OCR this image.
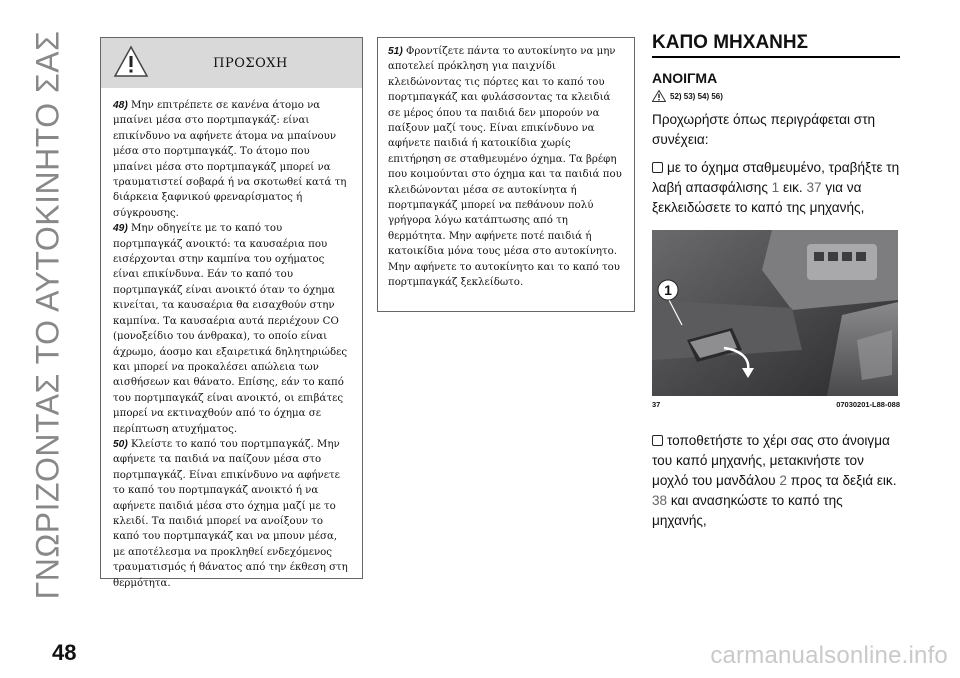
ΓΝΩΡΙΖΟΝΤΑΣ ΤΟ ΑΥΤΟΚΙΝΗΤΟ ΣΑΣ	ΠΡΟΣΟΧΗ

48) Μην επιτρέπετε σε κανένα άτομο να μπαίνει μέσα στο πορτμπαγκάζ: είναι επικίνδυνο να αφήνετε άτομα να μπαίνουν μέσα στο πορτμπαγκάζ. Το άτομο που μπαίνει μέσα στο πορτμπαγκάζ μπορεί να τραυματιστεί σοβαρά ή να σκοτωθεί κατά τη διάρκεια ξαφνικού φρεναρίσματος ή σύγκρουσης.

49) Μην οδηγείτε με το καπό του πορτμπαγκάζ ανοικτό: τα καυσαέρια που εισέρχονται στην καμπίνα του οχήματος είναι επικίνδυνα. Εάν το καπό του πορτμπαγκάζ είναι ανοικτό όταν το όχημα κινείται, τα καυσαέρια θα εισαχθούν στην καμπίνα. Τα καυσαέρια αυτά περιέχουν CO (μονοξείδιο του άνθρακα), το οποίο είναι άχρωμο, άοσμο και εξαιρετικά δηλητηριώδες και μπορεί να προκαλέσει απώλεια των αισθήσεων και θάνατο. Επίσης, εάν το καπό του πορτμπαγκάζ είναι ανοικτό, οι επιβάτες μπορεί να εκτιναχθούν από το όχημα σε περίπτωση ατυχήματος.

50) Κλείστε το καπό του πορτμπαγκάζ. Μην αφήνετε τα παιδιά να παίζουν μέσα στο πορτμπαγκάζ. Είναι επικίνδυνο να αφήνετε το καπό του πορτμπαγκάζ ανοικτό ή να αφήνετε παιδιά μέσα στο όχημα μαζί με το κλειδί. Τα παιδιά μπορεί να ανοίξουν το καπό του πορτμπαγκάζ και να μπουν μέσα, με αποτέλεσμα να προκληθεί ενδεχόμενος τραυματισμός ή θάνατος από την έκθεση στη θερμότητα.

51) Φροντίζετε πάντα το αυτοκίνητο να μην αποτελεί πρόκληση για παιχνίδι κλειδώνοντας τις πόρτες και το καπό του πορτμπαγκάζ και φυλάσσοντας τα κλειδιά σε μέρος όπου τα παιδιά δεν μπορούν να παίξουν μαζί τους. Είναι επικίνδυνο να αφήνετε παιδιά ή κατοικίδια χωρίς επιτήρηση σε σταθμευμένο όχημα. Τα βρέφη που κοιμούνται στο όχημα και τα παιδιά που κλειδώνονται μέσα σε αυτοκίνητα ή πορτμπαγκάζ μπορεί να πεθάνουν πολύ γρήγορα λόγω κατάπτωσης από τη θερμότητα. Μην αφήνετε ποτέ παιδιά ή κατοικίδια μόνα τους μέσα στο αυτοκίνητο. Μην αφήνετε το αυτοκίνητο και το καπό του πορτμπαγκάζ ξεκλείδωτο.

ΚΑΠΟ ΜΗΧΑΝΗΣ
ΑΝΟΙΓΜΑ
52) 53) 54) 56)
Προχωρήστε όπως περιγράφεται στη συνέχεια:
με το όχημα σταθμευμένο, τραβήξτε τη λαβή απασφάλισης 1 εικ. 37 για να ξεκλειδώσετε το καπό της μηχανής,
1
37	07030201-L88-088
τοποθετήστε το χέρι σας στο άνοιγμα του καπό μηχανής, μετακινήστε τον μοχλό του μανδάλου 2 προς τα δεξιά εικ. 38 και ανασηκώστε το καπό της μηχανής,
48	carmanualsonline.info
